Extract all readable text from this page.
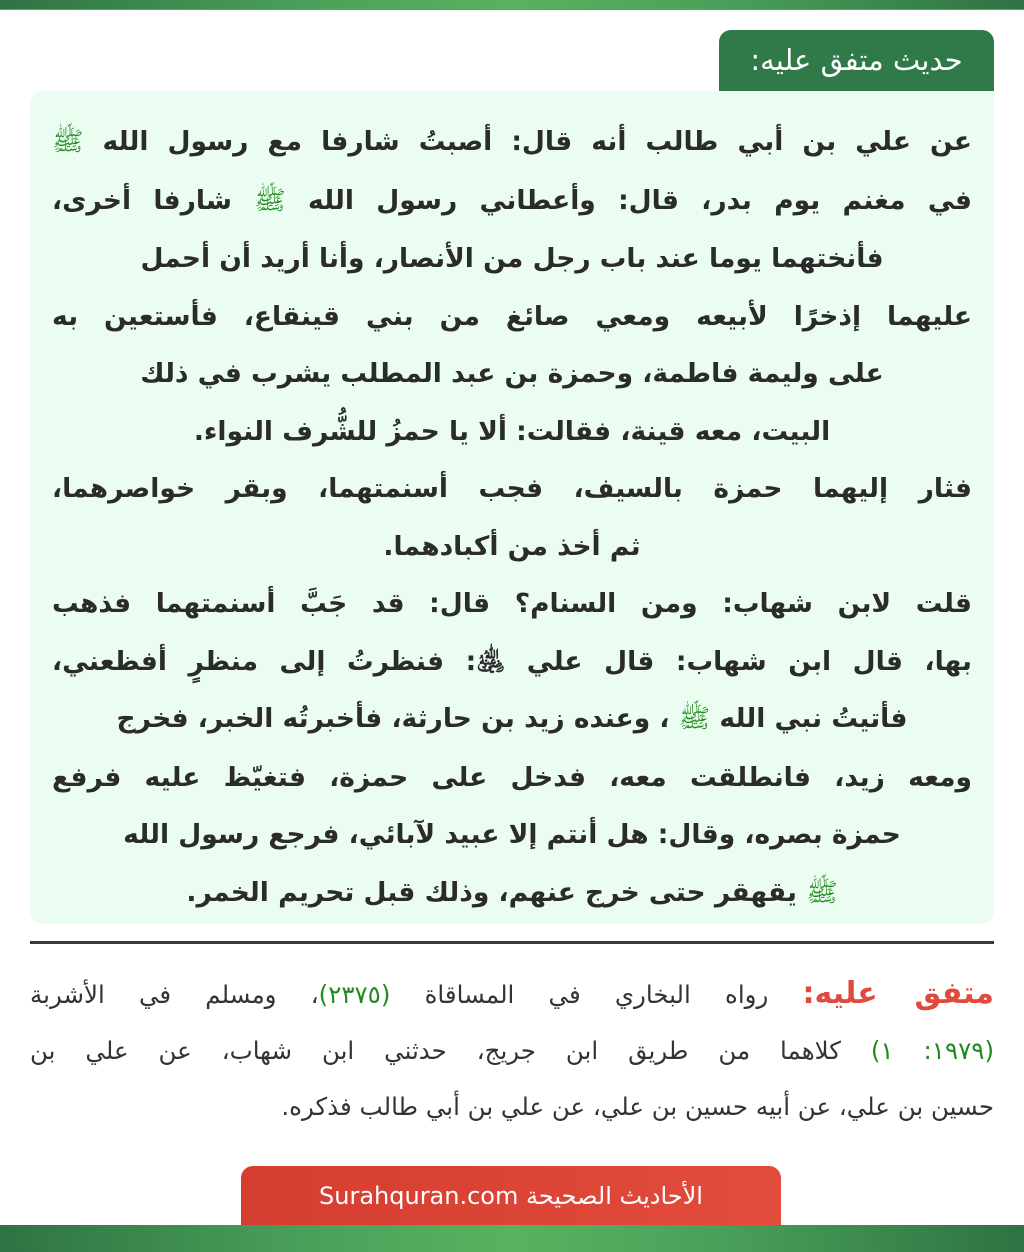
حديث متفق عليه:
عن علي بن أبي طالب أنه قال: أصبتُ شارفا مع رسول الله ﷺ
في مغنم يوم بدر، قال: وأعطاني رسول الله ﷺ شارفا أخرى،
فأنختهما يوما عند باب رجل من الأنصار، وأنا أريد أن أحمل
عليهما إذخرًا لأبيعه ومعي صائغ من بني قينقاع، فأستعين به
على وليمة فاطمة، وحمزة بن عبد المطلب يشرب في ذلك
البيت، معه قينة، فقالت: ألا يا حمزُ للشُّرف النواء.
فثار إليهما حمزة بالسيف، فجب أسنمتهما، وبقر خواصرهما،
ثم أخذ من أكبادهما.
قلت لابن شهاب: ومن السنام؟ قال: قد جَبَّ أسنمتهما فذهب
بها، قال ابن شهاب: قال علي ﵁: فنظرتُ إلى منظرٍ أفظعني،
فأتيتُ نبي الله ﷺ ، وعنده زيد بن حارثة، فأخبرتُه الخبر، فخرج
ومعه زيد، فانطلقت معه، فدخل على حمزة، فتغيّظ عليه فرفع
حمزة بصره، وقال: هل أنتم إلا عبيد لآبائي، فرجع رسول الله
ﷺ يقهقر حتى خرج عنهم، وذلك قبل تحريم الخمر.
متفق عليه: رواه البخاري في المساقاة (٢٣٧٥)، ومسلم في الأشربة
(١٩٧٩: ١) كلاهما من طريق ابن جريج، حدثني ابن شهاب، عن علي بن
حسين بن علي، عن أبيه حسين بن علي، عن علي بن أبي طالب فذكره.
الأحاديث الصحيحة Surahquran.com
